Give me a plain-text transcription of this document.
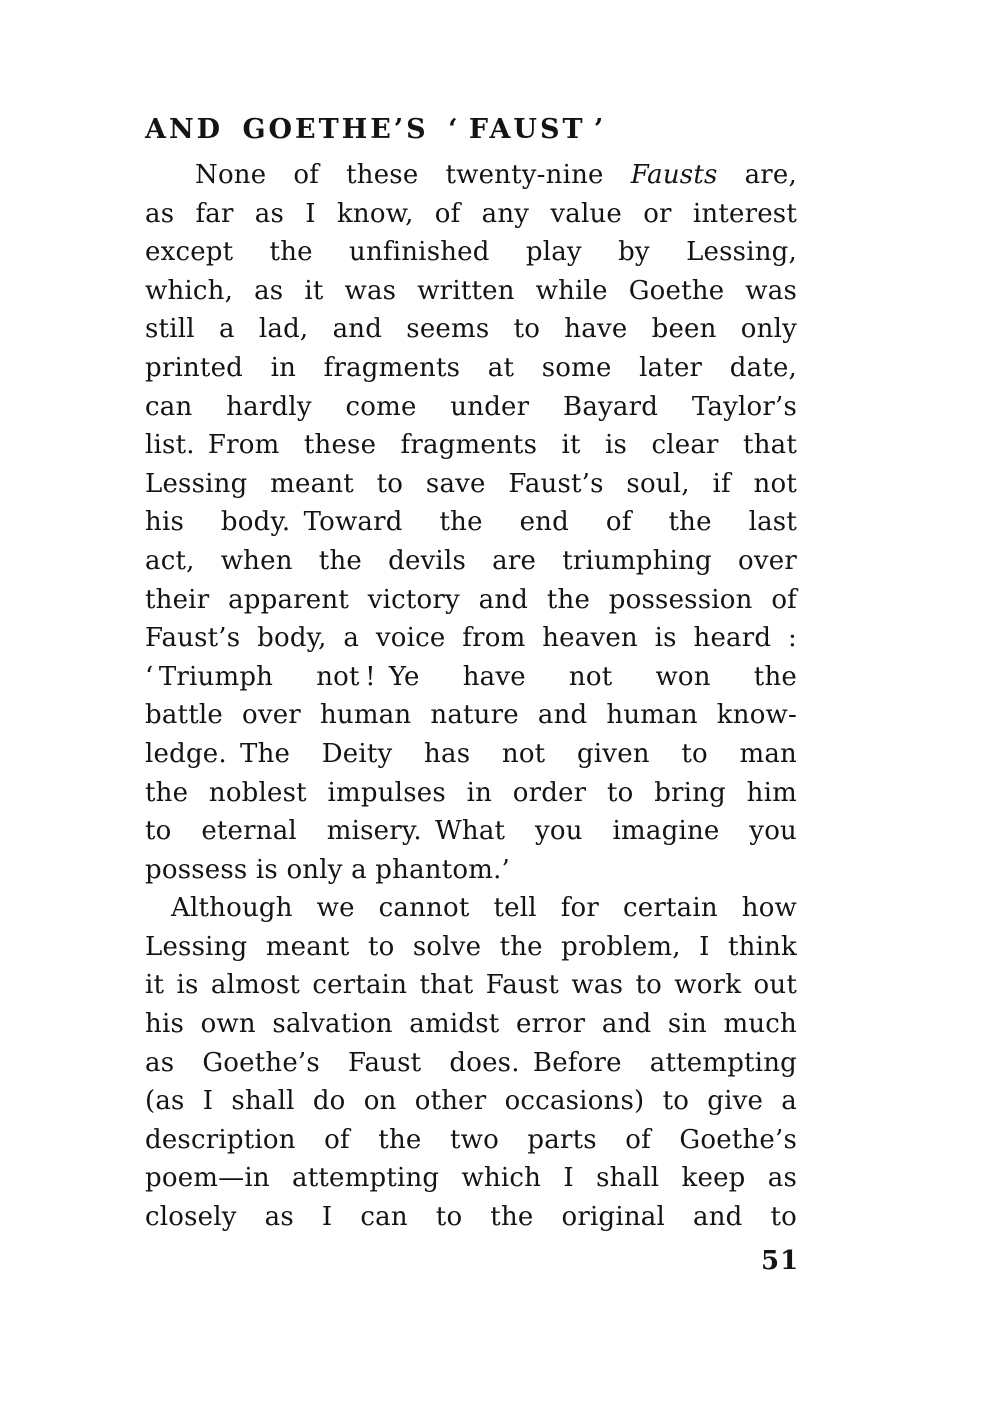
AND GOETHE’S ‘ FAUST ’
None of these twenty-nine Fausts are,
as far as I know, of any value or interest
except the unfinished play by Lessing,
which, as it was written while Goethe was
still a lad, and seems to have been only
printed in fragments at some later date,
can hardly come under Bayard Taylor’s
list. From these fragments it is clear that
Lessing meant to save Faust’s soul, if not
his body. Toward the end of the last
act, when the devils are triumphing over
their apparent victory and the possession of
Faust’s body, a voice from heaven is heard :
‘ Triumph not ! Ye have not won the
battle over human nature and human know-
ledge. The Deity has not given to man
the noblest impulses in order to bring him
to eternal misery. What you imagine you
possess is only a phantom.’
Although we cannot tell for certain how
Lessing meant to solve the problem, I think
it is almost certain that Faust was to work out
his own salvation amidst error and sin much
as Goethe’s Faust does. Before attempting
(as I shall do on other occasions) to give a
description of the two parts of Goethe’s
poem—in attempting which I shall keep as
closely as I can to the original and to
51
